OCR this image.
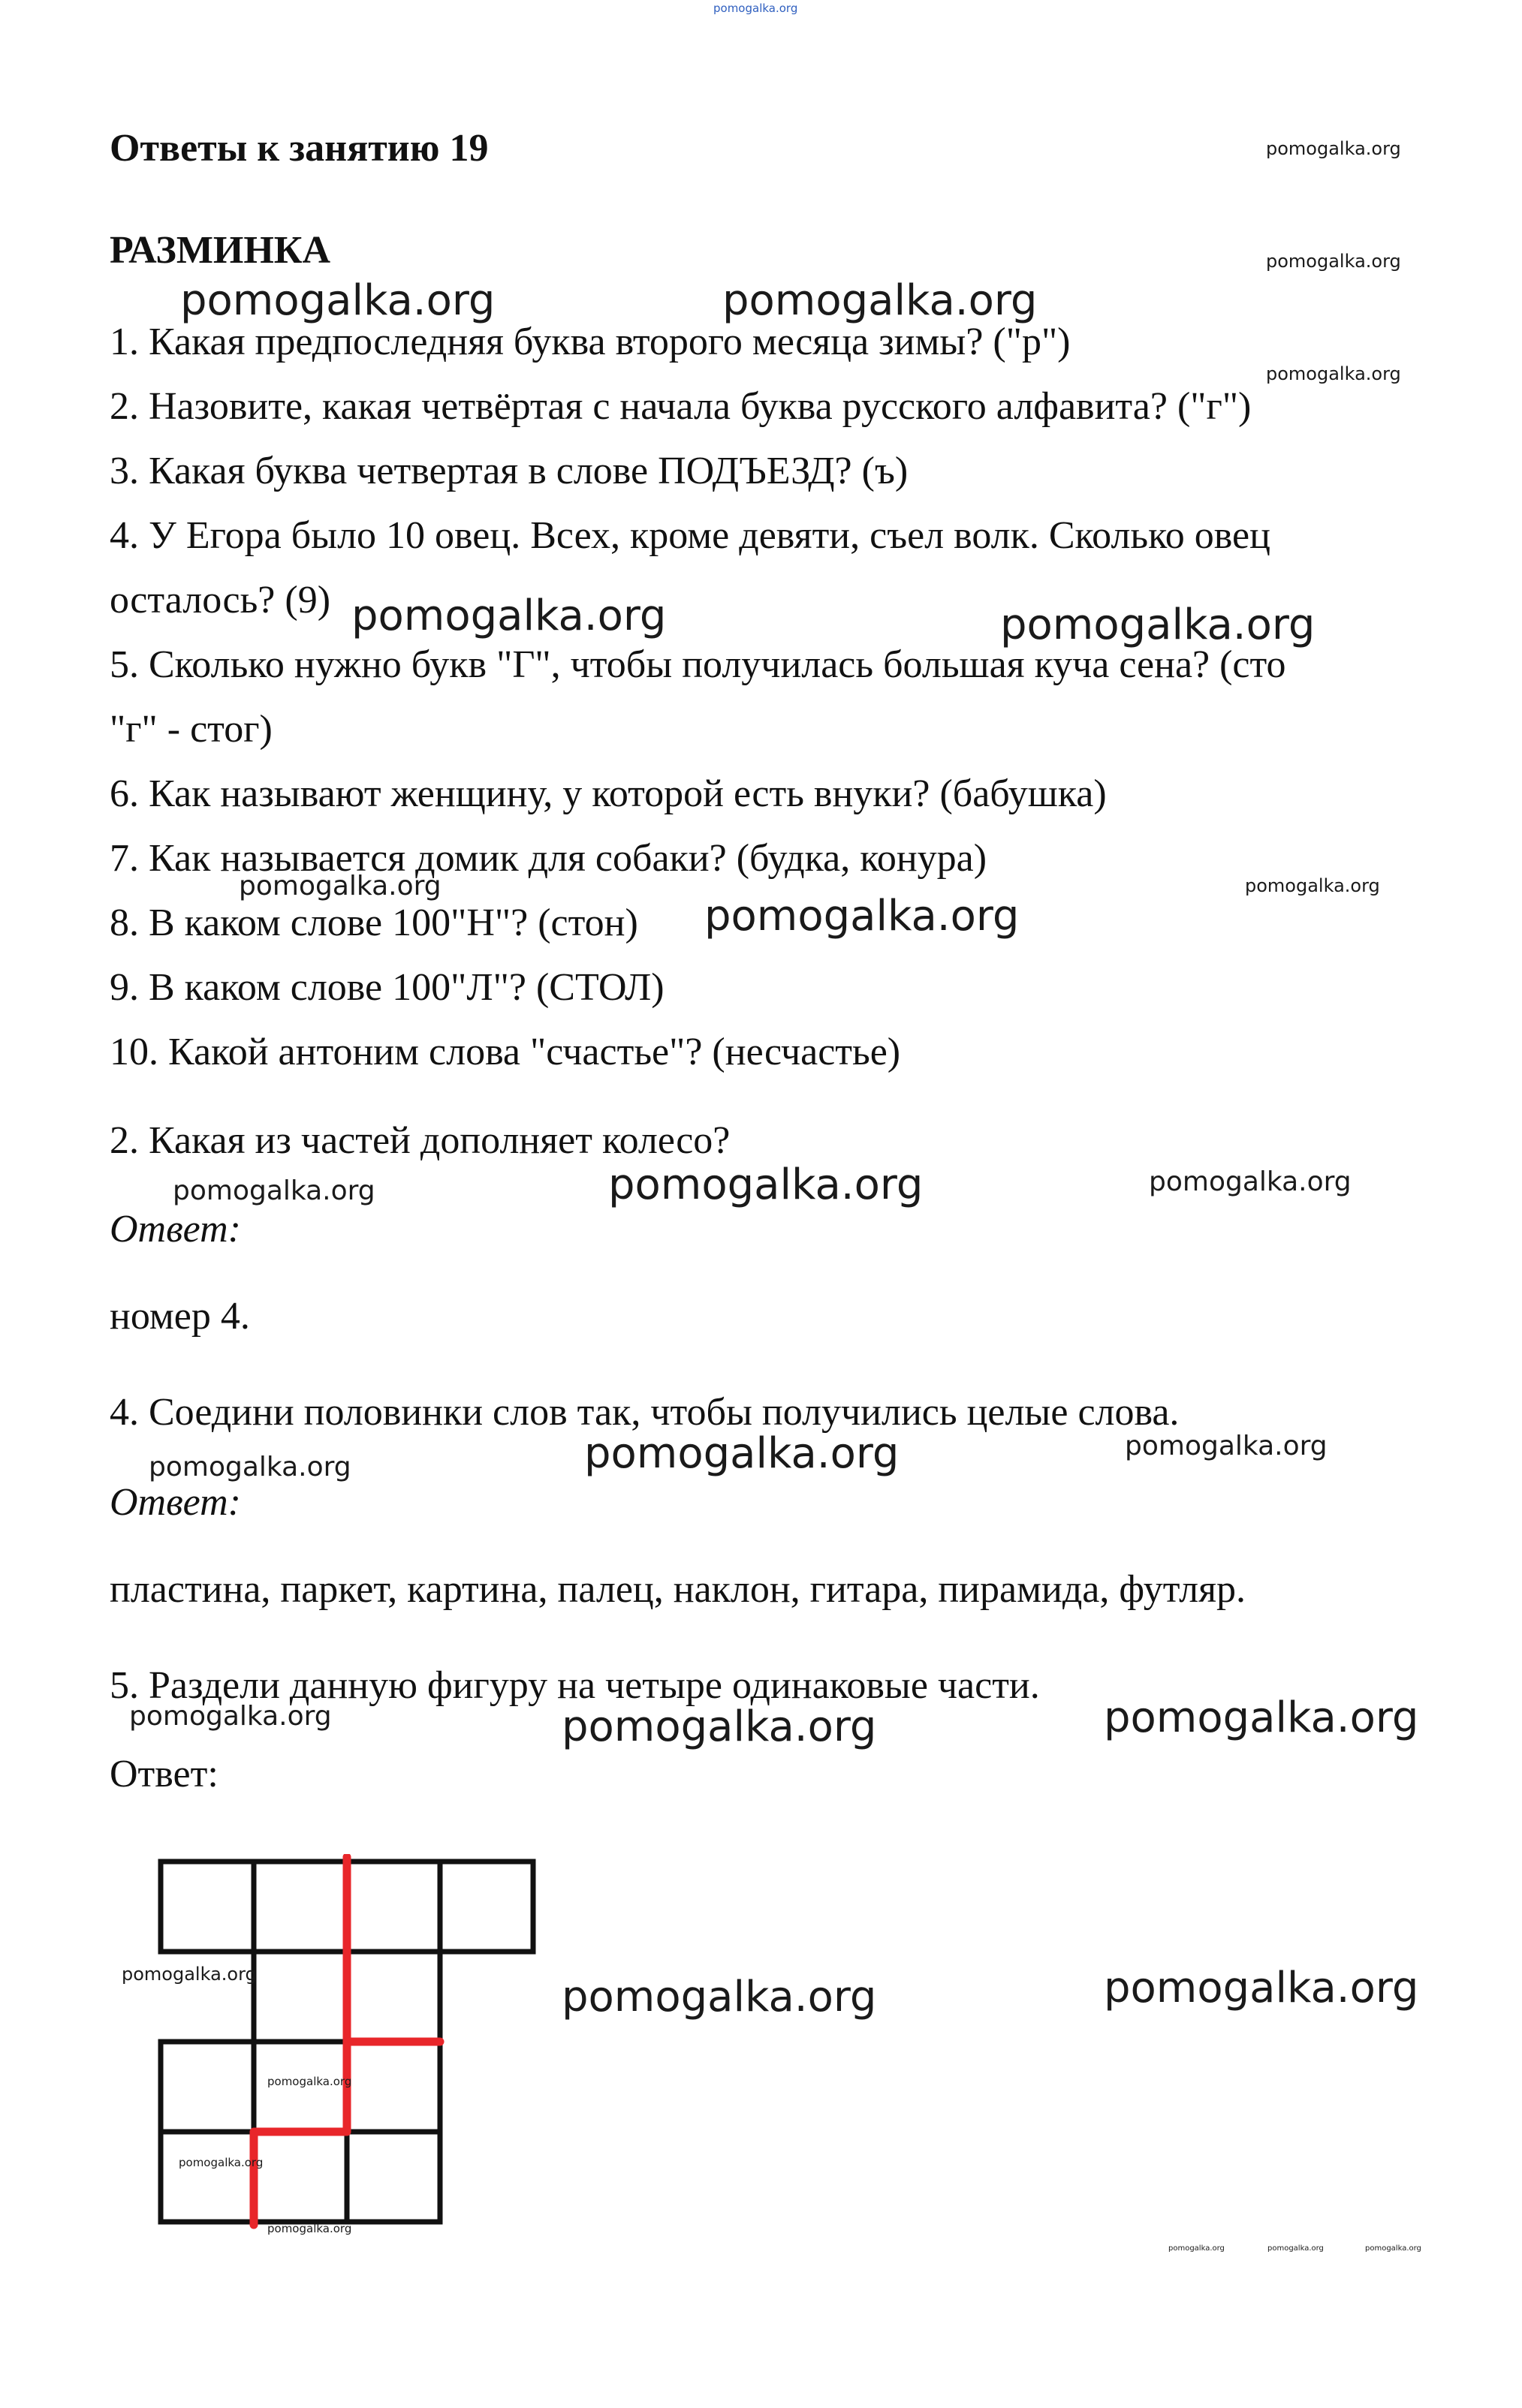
pomogalka.org
Ответы к занятию 19	pomogalka.org
РАЗМИНКА	pomogalka.org
1. Какая предпоследняя буква второго месяца зимы? ("р")
2. Назовите, какая четвёртая с начала буква русского алфавита? ("г")
3. Какая буква четвертая в слове ПОДЪЕЗД? (ъ)
4. У Егора было 10 овец. Всех, кроме девяти, съел волк. Сколько овец
осталось? (9)
5. Сколько нужно букв "Г", чтобы получилась большая куча сена? (сто
"г" - стог)
6. Как называют женщину, у которой есть внуки? (бабушка)
7. Как называется домик для собаки? (будка, конура)
8. В каком слове 100"Н"? (стон)
9. В каком слове 100"Л"? (СТОЛ)
10. Какой антоним слова "счастье"? (несчастье)
pomogalka.org	pomogalka.org
pomogalka.org
pomogalka.org	pomogalka.org
pomogalka.org	pomogalka.org
pomogalka.org
2. Какая из частей дополняет колесо?
pomogalka.org	pomogalka.org	pomogalka.org
Ответ:
номер 4.
4. Соедини половинки слов так, чтобы получились целые слова.
pomogalka.org	pomogalka.org	pomogalka.org
Ответ:
пластина, паркет, картина, палец, наклон, гитара, пирамида, футляр.
5. Раздели данную фигуру на четыре одинаковые части.
pomogalka.org	pomogalka.org	pomogalka.org
Ответ:
pomogalka.org
pomogalka.org
pomogalka.org
pomogalka.org
pomogalka.org	pomogalka.org
pomogalka.org	pomogalka.org	pomogalka.org
